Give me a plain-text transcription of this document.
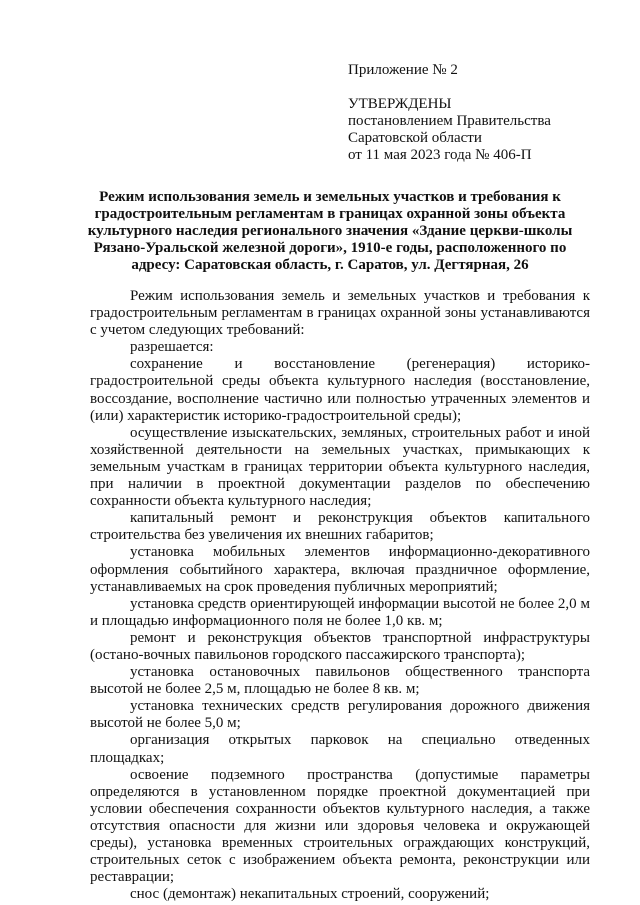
Приложение № 2
УТВЕРЖДЕНЫ
постановлением Правительства
Саратовской области
от 11 мая 2023 года № 406-П
Режим использования земель и земельных участков и требования к градостроительным регламентам в границах охранной зоны объекта культурного наследия регионального значения «Здание церкви-школы Рязано-Уральской железной дороги», 1910-е годы, расположенного по адресу: Саратовская область, г. Саратов, ул. Дегтярная, 26

Режим использования земель и земельных участков и требования к градостроительным регламентам в границах охранной зоны устанавливаются с учетом следующих требований:

разрешается:

сохранение и восстановление (регенерация) историко-градостроительной среды объекта культурного наследия (восстановление, воссоздание, восполнение частично или полностью утраченных элементов и (или) характеристик историко-градостроительной среды);

осуществление изыскательских, земляных, строительных работ и иной хозяйственной деятельности на земельных участках, примыкающих к земельным участкам в границах территории объекта культурного наследия, при наличии в проектной документации разделов по обеспечению сохранности объекта культурного наследия;

капитальный ремонт и реконструкция объектов капитального строительства без увеличения их внешних габаритов;

установка мобильных элементов информационно-декоративного оформления событийного характера, включая праздничное оформление, устанавливаемых на срок проведения публичных мероприятий;

установка средств ориентирующей информации высотой не более 2,0 м и площадью информационного поля не более 1,0 кв. м;

ремонт и реконструкция объектов транспортной инфраструктуры (остано-вочных павильонов городского пассажирского транспорта);

установка остановочных павильонов общественного транспорта высотой не более 2,5 м, площадью не более 8 кв. м;

установка технических средств регулирования дорожного движения высотой не более 5,0 м;

организация открытых парковок на специально отведенных площадках;

освоение подземного пространства (допустимые параметры определяются в установленном порядке проектной документацией при условии обеспечения сохранности объектов культурного наследия, а также отсутствия опасности для жизни или здоровья человека и окружающей среды), установка временных строительных ограждающих конструкций, строительных сеток с изображением объекта ремонта, реконструкции или реставрации;

снос (демонтаж) некапитальных строений, сооружений;
